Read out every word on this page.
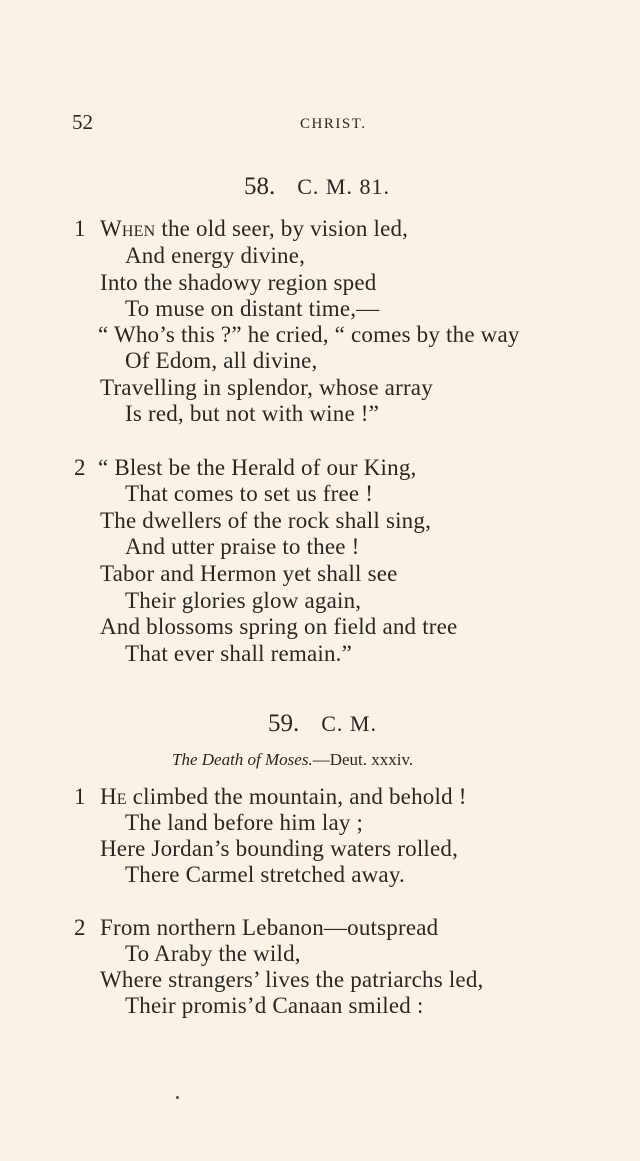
52	CHRIST.
58. C. M. 81.
1 When the old seer, by vision led,
And energy divine,
Into the shadowy region sped
To muse on distant time,—
“ Who’s this ?” he cried, “ comes by the way
Of Edom, all divine,
Travelling in splendor, whose array
Is red, but not with wine !”
2 “ Blest be the Herald of our King,
That comes to set us free !
The dwellers of the rock shall sing,
And utter praise to thee !
Tabor and Hermon yet shall see
Their glories glow again,
And blossoms spring on field and tree
That ever shall remain.”
59. C. M.
The Death of Moses.—Deut. xxxiv.
1 He climbed the mountain, and behold !
The land before him lay ;
Here Jordan’s bounding waters rolled,
There Carmel stretched away.
2 From northern Lebanon—outspread
To Araby the wild,
Where strangers’ lives the patriarchs led,
Their promis’d Canaan smiled :
